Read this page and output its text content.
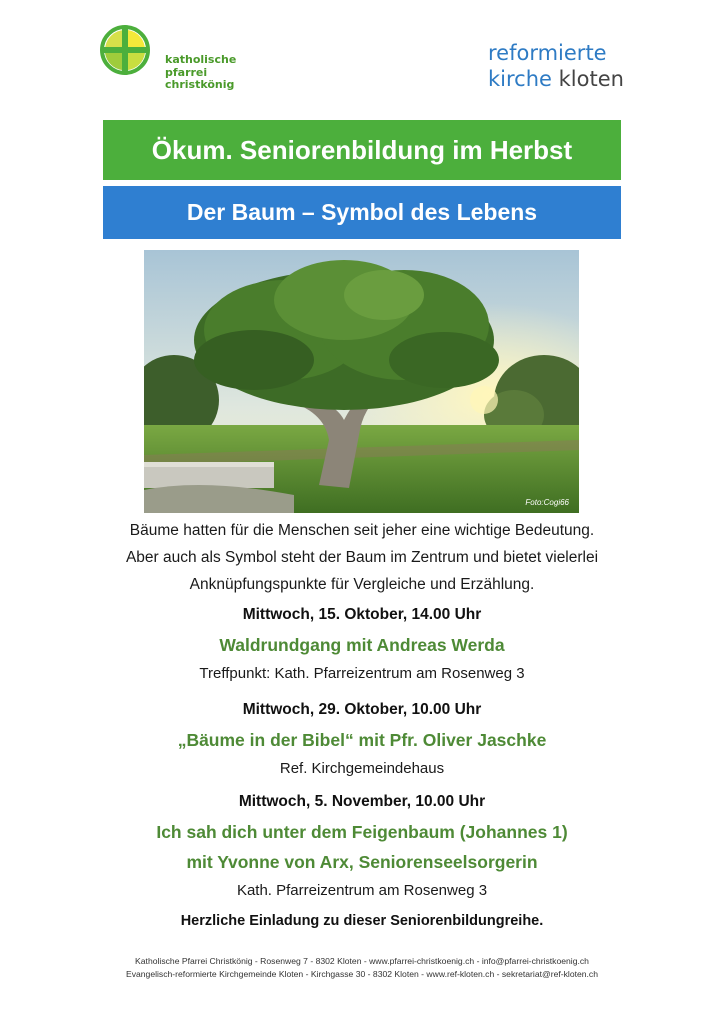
katholische
pfarrei
christkönig
reformierte
kirche kloten
Ökum. Seniorenbildung im Herbst
Der Baum – Symbol des Lebens
Foto:Cogi66
Bäume hatten für die Menschen seit jeher eine wichtige Bedeutung.
Aber auch als Symbol steht der Baum im Zentrum und bietet vielerlei
Anknüpfungspunkte für Vergleiche und Erzählung.
Mittwoch, 15. Oktober, 14.00 Uhr
Waldrundgang mit Andreas Werda
Treffpunkt: Kath. Pfarreizentrum am Rosenweg 3
Mittwoch, 29. Oktober, 10.00 Uhr
„Bäume in der Bibel“ mit Pfr. Oliver Jaschke
Ref. Kirchgemeindehaus
Mittwoch, 5. November, 10.00 Uhr
Ich sah dich unter dem Feigenbaum (Johannes 1)
mit Yvonne von Arx, Seniorenseelsorgerin
Kath. Pfarreizentrum am Rosenweg 3
Herzliche Einladung zu dieser Seniorenbildungreihe.
Katholische Pfarrei Christkönig - Rosenweg 7 - 8302 Kloten - www.pfarrei-christkoenig.ch - info@pfarrei-christkoenig.ch
Evangelisch-reformierte Kirchgemeinde Kloten - Kirchgasse 30 - 8302 Kloten - www.ref-kloten.ch - sekretariat@ref-kloten.ch
